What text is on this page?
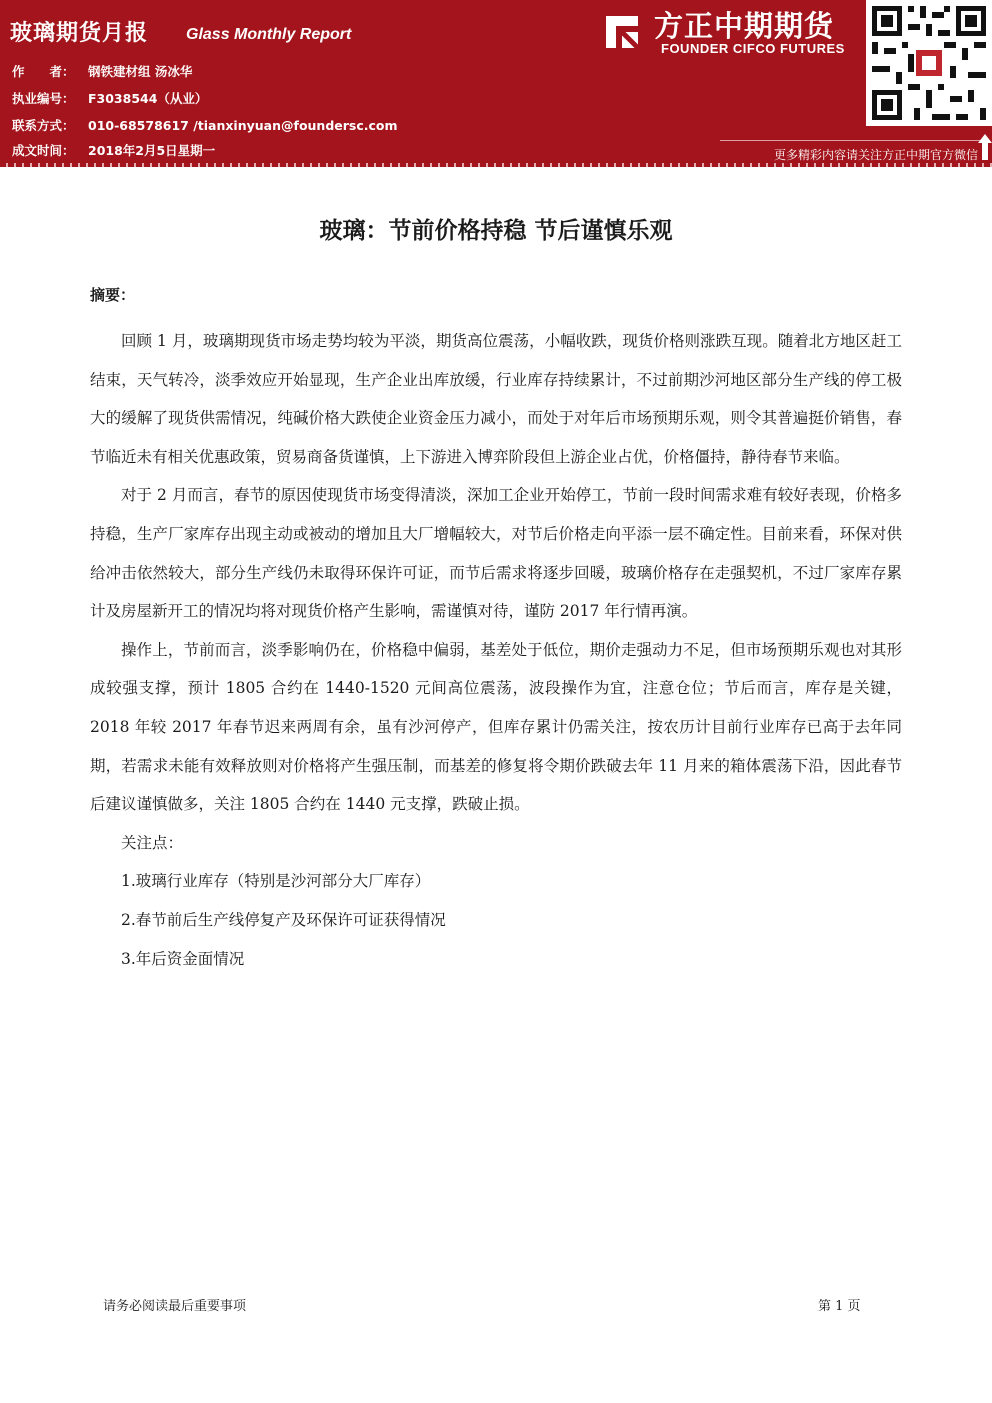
玻璃期货月报 Glass Monthly Report
作　　者： 钢铁建材组 汤冰华
执业编号： F3038544（从业）
联系方式： 010-68578617 /tianxinyuan@foundersc.com
成文时间： 2018年2月5日星期一
方正中期期货
FOUNDER CIFCO FUTURES
更多精彩内容请关注方正中期官方微信
玻璃：节前价格持稳 节后谨慎乐观
摘要：

回顾 1 月，玻璃期现货市场走势均较为平淡，期货高位震荡，小幅收跌，现货价格则涨跌互现。随着北方地区赶工结束，天气转冷，淡季效应开始显现，生产企业出库放缓，行业库存持续累计，不过前期沙河地区部分生产线的停工极大的缓解了现货供需情况，纯碱价格大跌使企业资金压力减小，而处于对年后市场预期乐观，则令其普遍挺价销售，春节临近未有相关优惠政策，贸易商备货谨慎，上下游进入博弈阶段但上游企业占优，价格僵持，静待春节来临。

对于 2 月而言，春节的原因使现货市场变得清淡，深加工企业开始停工，节前一段时间需求难有较好表现，价格多持稳，生产厂家库存出现主动或被动的增加且大厂增幅较大，对节后价格走向平添一层不确定性。目前来看，环保对供给冲击依然较大，部分生产线仍未取得环保许可证，而节后需求将逐步回暖，玻璃价格存在走强契机，不过厂家库存累计及房屋新开工的情况均将对现货价格产生影响，需谨慎对待，谨防 2017 年行情再演。

操作上，节前而言，淡季影响仍在，价格稳中偏弱，基差处于低位，期价走强动力不足，但市场预期乐观也对其形成较强支撑，预计 1805 合约在 1440-1520 元间高位震荡，波段操作为宜，注意仓位；节后而言，库存是关键，2018 年较 2017 年春节迟来两周有余，虽有沙河停产，但库存累计仍需关注，按农历计目前行业库存已高于去年同期，若需求未能有效释放则对价格将产生强压制，而基差的修复将令期价跌破去年 11 月来的箱体震荡下沿，因此春节后建议谨慎做多，关注 1805 合约在 1440 元支撑，跌破止损。

关注点：

1.玻璃行业库存（特别是沙河部分大厂库存）

2.春节前后生产线停复产及环保许可证获得情况

3.年后资金面情况

请务必阅读最后重要事项	第 1 页
